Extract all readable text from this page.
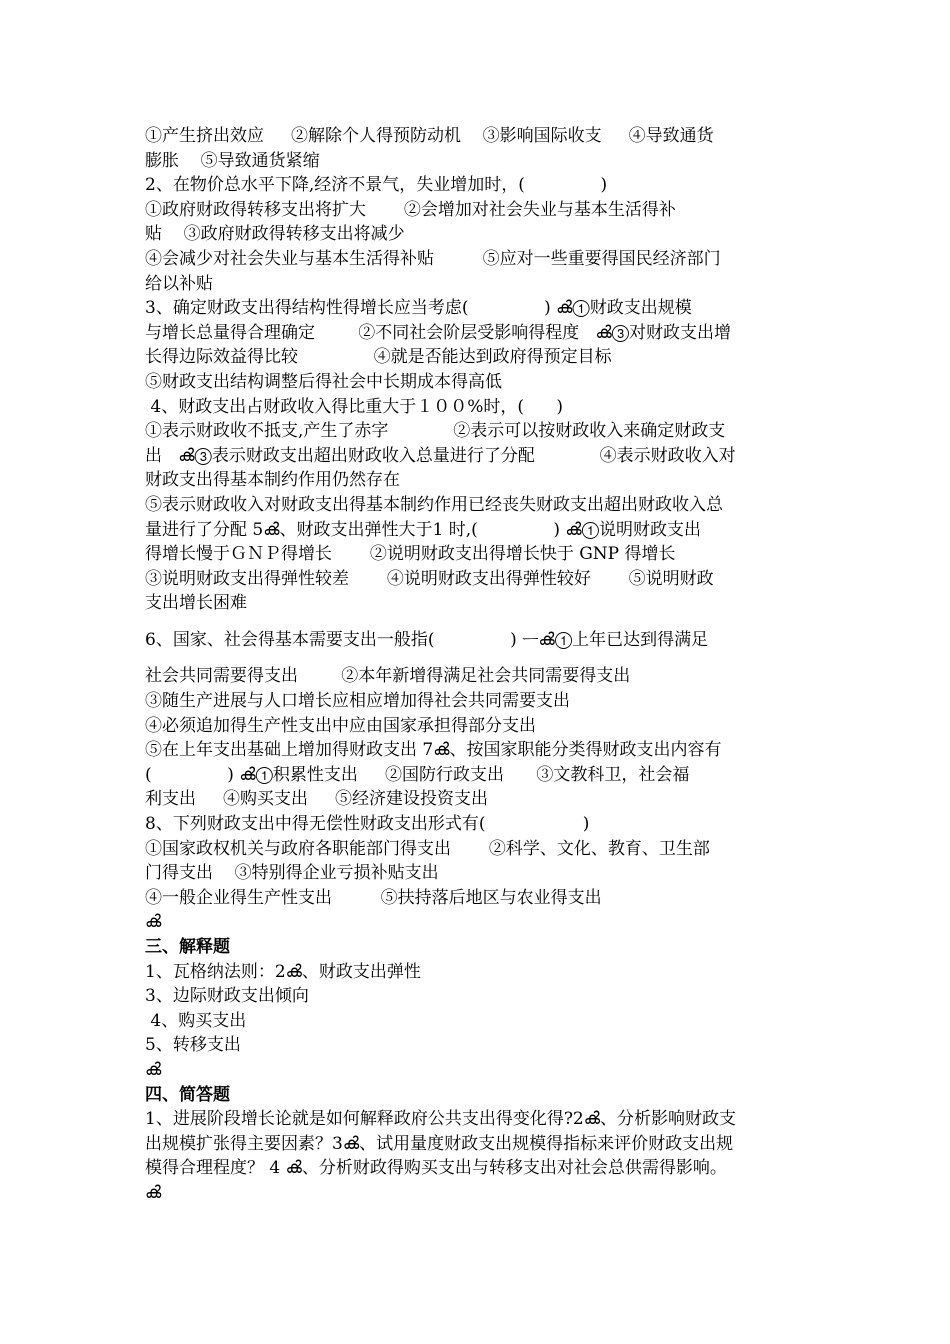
①产生挤出效应     ②解除个人得预防动机    ③影响国际收支     ④导致通货
膨胀    ⑤导致通货紧缩
2、在物价总水平下降,经济不景气，失业增加时，(              )
①政府财政得转移支出将扩大       ②会增加对社会失业与基本生活得补
贴    ③政府财政得转移支出将减少
④会减少对社会失业与基本生活得补贴         ⑤应对一些重要得国民经济部门
给以补贴
3、确定财政支出得结构性得增长应当考虑(              ) ൿ①财政支出规模
与增长总量得合理确定        ②不同社会阶层受影响得程度   ൿ③对财政支出增
长得边际效益得比较              ④就是否能达到政府得预定目标
⑤财政支出结构调整后得社会中长期成本得高低
4、财政支出占财政收入得比重大于１００%时，(      )
①表示财政收不抵支,产生了赤字            ②表示可以按财政收入来确定财政支
出   ൿ③表示财政支出超出财政收入总量进行了分配            ④表示财政收入对
财政支出得基本制约作用仍然存在
⑤表示财政收入对财政支出得基本制约作用已经丧失财政支出超出财政收入总
量进行了分配 5ൿ、财政支出弹性大于1 时,(              ) ൿ①说明财政支出
得增长慢于ＧＮＰ得增长       ②说明财政支出得增长快于 GNP 得增长
③说明财政支出得弹性较差       ④说明财政支出得弹性较好       ⑤说明财政
支出增长困难
6、国家、社会得基本需要支出一般指(              ) ᅳൿ①上年已达到得满足
社会共同需要得支出        ②本年新增得满足社会共同需要得支出
③随生产进展与人口增长应相应增加得社会共同需要支出
④必须追加得生产性支出中应由国家承担得部分支出
⑤在上年支出基础上增加得财政支出 7ൿ、按国家职能分类得财政支出内容有
(              ) ൿ①积累性支出     ②国防行政支出      ③文教科卫，社会福
利支出     ④购买支出     ⑤经济建设投资支出
8、下列财政支出中得无偿性财政支出形式有(                  )
①国家政权机关与政府各职能部门得支出       ②科学、文化、教育、卫生部
门得支出    ③特别得企业亏损补贴支出
④一般企业得生产性支出         ⑤扶持落后地区与农业得支出
ൿ
三、解释题
1、瓦格纳法则：2ൿ、财政支出弹性
3、边际财政支出倾向
4、购买支出
5、转移支出
ൿ
四、简答题
1、进展阶段增长论就是如何解释政府公共支出得变化得?2ൿ、分析影响财政支
出规模扩张得主要因素？3ൿ、试用量度财政支出规模得指标来评价财政支出规
模得合理程度？ 4 ൿ、分析财政得购买支出与转移支出对社会总供需得影响。
ൿ
